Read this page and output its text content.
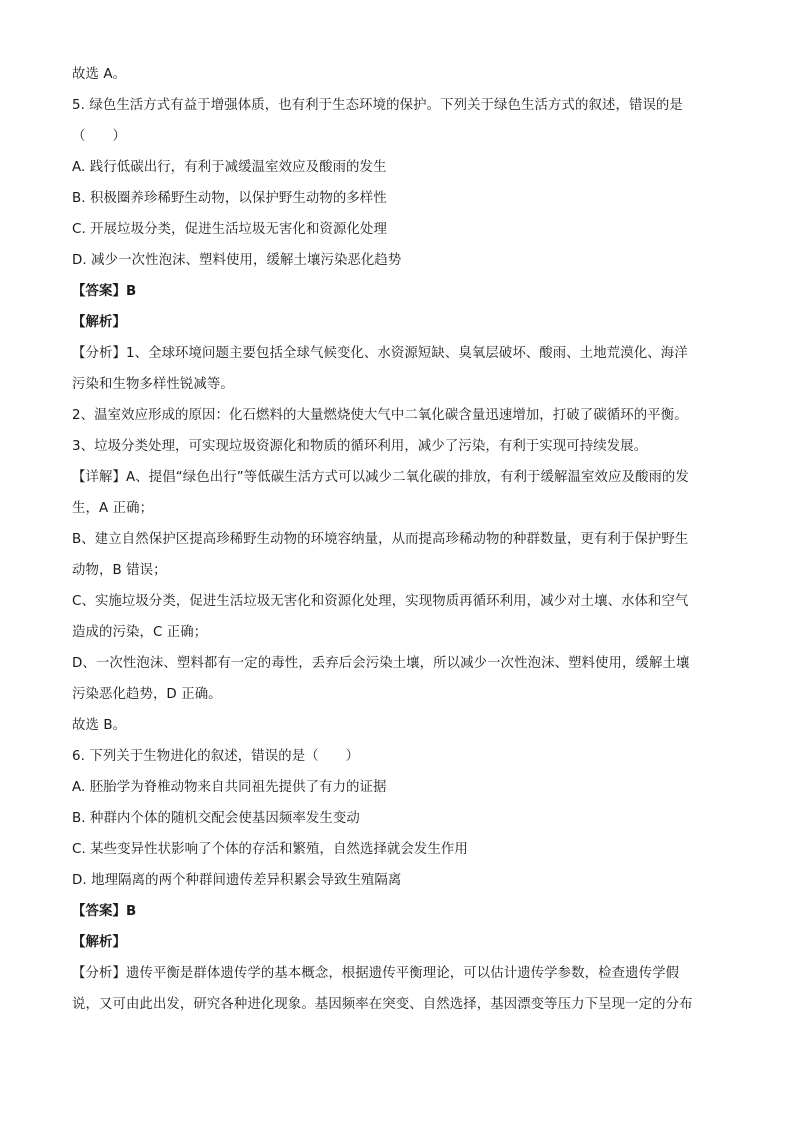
故选 A。
5. 绿色生活方式有益于增强体质，也有利于生态环境的保护。下列关于绿色生活方式的叙述，错误的是
（　　）
A. 践行低碳出行，有利于减缓温室效应及酸雨的发生
B. 积极圈养珍稀野生动物，以保护野生动物的多样性
C. 开展垃圾分类，促进生活垃圾无害化和资源化处理
D. 减少一次性泡沫、塑料使用，缓解土壤污染恶化趋势
【答案】B
【解析】
【分析】1、全球环境问题主要包括全球气候变化、水资源短缺、臭氧层破坏、酸雨、土地荒漠化、海洋
污染和生物多样性锐减等。
2、温室效应形成的原因：化石燃料的大量燃烧使大气中二氧化碳含量迅速增加，打破了碳循环的平衡。
3、垃圾分类处理，可实现垃圾资源化和物质的循环利用，减少了污染，有利于实现可持续发展。
【详解】A、提倡“绿色出行”等低碳生活方式可以减少二氧化碳的排放，有利于缓解温室效应及酸雨的发
生，A 正确；
B、建立自然保护区提高珍稀野生动物的环境容纳量，从而提高珍稀动物的种群数量，更有利于保护野生
动物，B 错误；
C、实施垃圾分类，促进生活垃圾无害化和资源化处理，实现物质再循环利用，减少对土壤、水体和空气
造成的污染，C 正确；
D、一次性泡沫、塑料都有一定的毒性，丢弃后会污染土壤，所以减少一次性泡沫、塑料使用，缓解土壤
污染恶化趋势，D 正确。
故选 B。
6. 下列关于生物进化的叙述，错误的是（　　）
A. 胚胎学为脊椎动物来自共同祖先提供了有力的证据
B. 种群内个体的随机交配会使基因频率发生变动
C. 某些变异性状影响了个体的存活和繁殖，自然选择就会发生作用
D. 地理隔离的两个种群间遗传差异积累会导致生殖隔离
【答案】B
【解析】
【分析】遗传平衡是群体遗传学的基本概念，根据遗传平衡理论，可以估计遗传学参数，检查遗传学假
说，又可由此出发，研究各种进化现象。基因频率在突变、自然选择，基因漂变等压力下呈现一定的分布
